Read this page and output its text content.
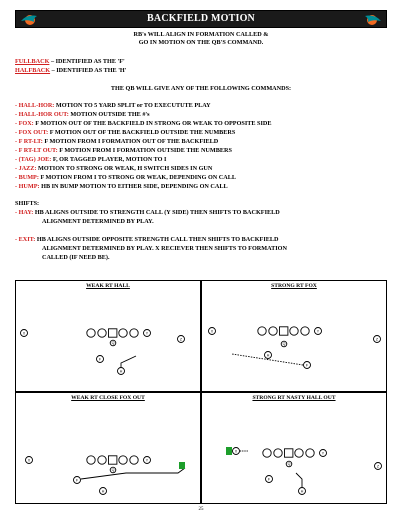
BACKFIELD MOTION
RB's WILL ALIGN IN FORMATION CALLED &
GO IN MOTION ON THE QB'S COMMAND.
FULLBACK – IDENTIFIED AS THE 'F'
HALFBACK – IDENTIFIED AS THE 'H'
THE QB WILL GIVE ANY OF THE FOLLOWING COMMANDS:
- HALL-HOR: MOTION TO 5 YARD SPLIT or TO EXECUTUTE PLAY
- HALL-HOR OUT: MOTION OUTSIDE THE #'s
- FOX: F MOTION OUT OF THE BACKFIELD IN STRONG OR WEAK TO OPPOSITE SIDE
- FOX OUT: F MOTION OUT OF THE BACKFIELD OUTSIDE THE NUMBERS
- F RT-LT: F MOTION FROM I FORMATION OUT OF THE BACKFIELD
- F RT-LT OUT: F MOTION FROM I FORMATION OUTSIDE THE NUMBERS
- (TAG) JOE: F, OR TAGGED PLAYER, MOTION TO I
- JAZZ: MOTION TO STRONG OR WEAK, H SWITCH SIDES IN GUN
- BUMP: F MOTION FROM I TO STRONG OR WEAK, DEPENDING ON CALL
- HUMP: HB IN BUMP MOTION TO EITHER SIDE, DEPENDING ON CALL
SHIFTS:
- HAY: HB ALIGNS OUTSIDE TO STRENGTH CALL (Y SIDE) THEN SHIFTS TO BACKFIELD
ALIGNMENT DETERMINED BY PLAY.
- EXIT: HB ALIGNS OUTSIDE OPPOSITE STRENGTH CALL THEN SHIFTS TO BACKFIELD
ALIGNMENT DETERMINED BY PLAY. X RECIEVER THEN SHIFTS TO FORMATION
CALLED (IF NEED BE).
WEAK RT HALL
X	Y
Z
Q
F
H
STRONG RT FOX
X	Y
Z
Q
F
H
WEAK RT CLOSE FOX OUT
X	Y
Q
F
H
STRONG RT NASTY HALL OUT
X	Y
Z
Q
F
H
25
